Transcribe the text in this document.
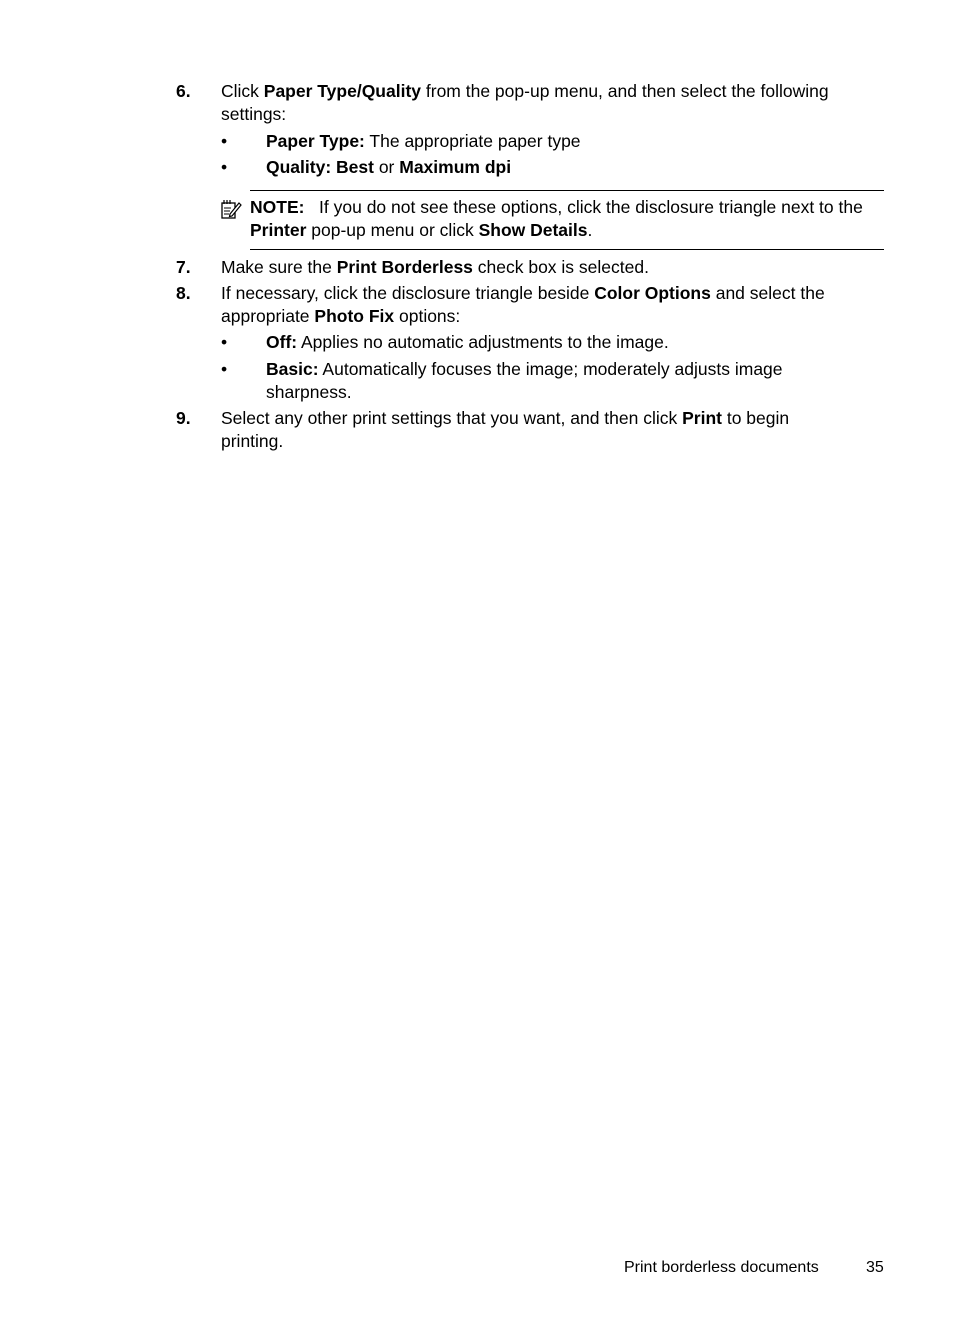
6. Click Paper Type/Quality from the pop-up menu, and then select the following settings:
• Paper Type: The appropriate paper type
• Quality: Best or Maximum dpi
NOTE:   If you do not see these options, click the disclosure triangle next to the Printer pop-up menu or click Show Details.
7. Make sure the Print Borderless check box is selected.
8. If necessary, click the disclosure triangle beside Color Options and select the appropriate Photo Fix options:
• Off: Applies no automatic adjustments to the image.
• Basic: Automatically focuses the image; moderately adjusts image sharpness.
9. Select any other print settings that you want, and then click Print to begin printing.
Print borderless documents	35
